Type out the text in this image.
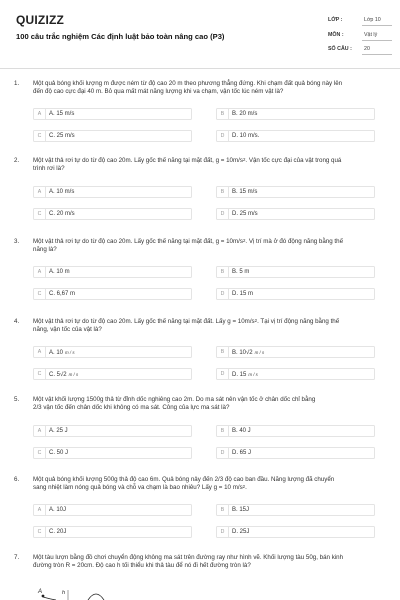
QUIZIZZ
100 câu trắc nghiệm Các định luật bảo toàn nâng cao (P3)
LỚP :	Lớp 10
MÔN :	Vật lý
SỐ CÂU : 20
1. Một quả bóng khối lượng m được ném từ độ cao 20 m theo phương thẳng đứng. Khi chạm đất quả bóng này lên
đến độ cao cực đại 40 m. Bỏ qua mất mát năng lượng khi va chạm, vận tốc lúc ném vật là?
A	A. 15 m/s	B	B. 20 m/s
C	C. 25 m/s	D	D. 10 m/s.
2. Một vật thả rơi tự do từ độ cao 20m. Lấy gốc thế năng tại mặt đất, $g = 10m/s^2$. Vận tốc cực đại của vật trong quá
trình rơi là?
A	A. 10 m/s	B	B. 15 m/s
C	C. 20 m/s	D	D. 25 m/s
3. Một vật thả rơi tự do từ độ cao 20m. Lấy gốc thế năng tại mặt đất, $g = 10m/s^2$. Vị trí mà ở đó động năng bằng thế
năng là?
A	A. 10 m	B	B. 5 m
C	C. 6,67 m	D	D. 15 m
4. Một vật thả rơi tự do từ độ cao 20m. Lấy gốc thế năng tại mặt đất. Lấy $g = 10m/s^2$. Tại vị trí động năng bằng thế
năng, vận tốc của vật là?
A	A. 10 m / s	B	B. 10√2 m / s
C	C. 5√2 m / s	D	D. 15 m / s
5. Một vật khối lượng 1500g thả từ đỉnh dốc nghiêng cao 2m. Do ma sát nên vận tốc ở chân dốc chỉ bằng
2/3 vận tốc đến chân dốc khi không có ma sát. Công của lực ma sát là?
A	A. 25 J	B	B. 40 J
C	C. 50 J	D	D. 65 J
6. Một quả bóng khối lượng 500g thả độ cao 6m. Quả bóng nảy đến 2/3 độ cao ban đầu. Năng lượng đã chuyển
sang nhiệt làm nóng quả bóng và chỗ va chạm là bao nhiêu? Lấy g = 10 $m/s^2$.
A	A. 10J	B	B. 15J
C	C. 20J	D	D. 25J
7. Một tàu lượn bằng đồ chơi chuyển động không ma sát trên đường ray như hình vẽ. Khối lượng tàu 50g, bán kinh
đường tròn R = 20cm. Độ cao h tối thiểu khi thả tàu để nó đi hết đường tròn là?
A	h
